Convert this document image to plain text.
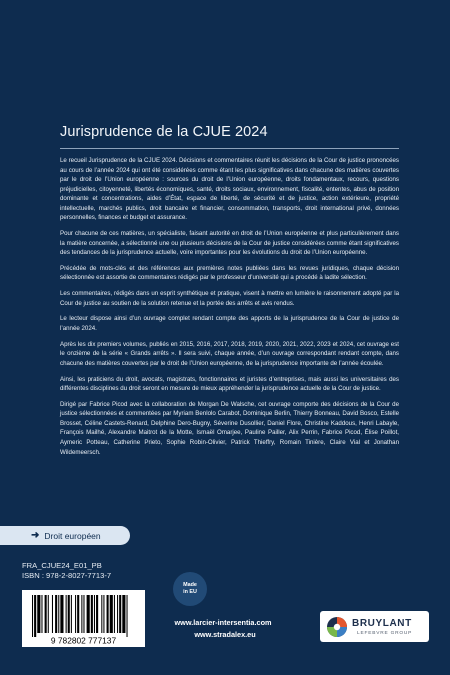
Jurisprudence de la CJUE 2024

Le recueil Jurisprudence de la CJUE 2024. Décisions et commentaires réunit les décisions de la Cour de justice prononcées au cours de l’année 2024 qui ont été considérées comme étant les plus significatives dans chacune des matières couvertes par le droit de l’Union européenne : sources du droit de l’Union européenne, droits fondamentaux, recours, questions préjudicielles, citoyenneté, libertés économiques, santé, droits sociaux, environnement, fiscalité, ententes, abus de position dominante et concentrations, aides d’État, espace de liberté, de sécurité et de justice, action extérieure, propriété intellectuelle, marchés publics, droit bancaire et financier, consommation, transports, droit international privé, données personnelles, finances et budget et assurance.

Pour chacune de ces matières, un spécialiste, faisant autorité en droit de l’Union européenne et plus particulièrement dans la matière concernée, a sélectionné une ou plusieurs décisions de la Cour de justice considérées comme étant significatives des tendances de la jurisprudence actuelle, voire importantes pour les évolutions du droit de l’Union européenne.

Précédée de mots-clés et des références aux premières notes publiées dans les revues juridiques, chaque décision sélectionnée est assortie de commentaires rédigés par le professeur d’université qui a procédé à ladite sélection.

Les commentaires, rédigés dans un esprit synthétique et pratique, visent à mettre en lumière le raisonnement adopté par la Cour de justice au soutien de la solution retenue et la portée des arrêts et avis rendus.

Le lecteur dispose ainsi d’un ouvrage complet rendant compte des apports de la jurisprudence de la Cour de justice de l’année 2024.

Après les dix premiers volumes, publiés en 2015, 2016, 2017, 2018, 2019, 2020, 2021, 2022, 2023 et 2024, cet ouvrage est le onzième de la série « Grands arrêts ». Il sera suivi, chaque année, d’un ouvrage correspondant rendant compte, dans chacune des matières couvertes par le droit de l’Union européenne, de la jurisprudence importante de l’année écoulée.

Ainsi, les praticiens du droit, avocats, magistrats, fonctionnaires et juristes d’entreprises, mais aussi les universitaires des différentes disciplines du droit seront en mesure de mieux appréhender la jurisprudence actuelle de la Cour de justice.

Dirigé par Fabrice Picod avec la collaboration de Morgan De Walsche, cet ouvrage comporte des décisions de la Cour de justice sélectionnées et commentées par Myriam Benlolo Carabot, Dominique Berlin, Thierry Bonneau, David Bosco, Estelle Brosset, Céline Castets-Renard, Delphine Dero-Bugny, Séverine Dusollier, Daniel Flore, Christine Kaddous, Henri Labayle, François Mailhé, Alexandre Maitrot de la Motte, Ismaël Omarjee, Pauline Pailler, Alix Perrin, Fabrice Picod, Élise Poillot, Aymeric Potteau, Catherine Prieto, Sophie Robin-Olivier, Patrick Thieffry, Romain Tinière, Claire Vial et Jonathan Wildemeersch.

➜ Droit européen
FRA_CJUE24_E01_PB
ISBN : 978-2-8027-7713-7
9 782802 777137
Made
in EU
www.larcier-intersentia.com
www.stradalex.eu
BRUYLANT
LEFEBVRE GROUP
